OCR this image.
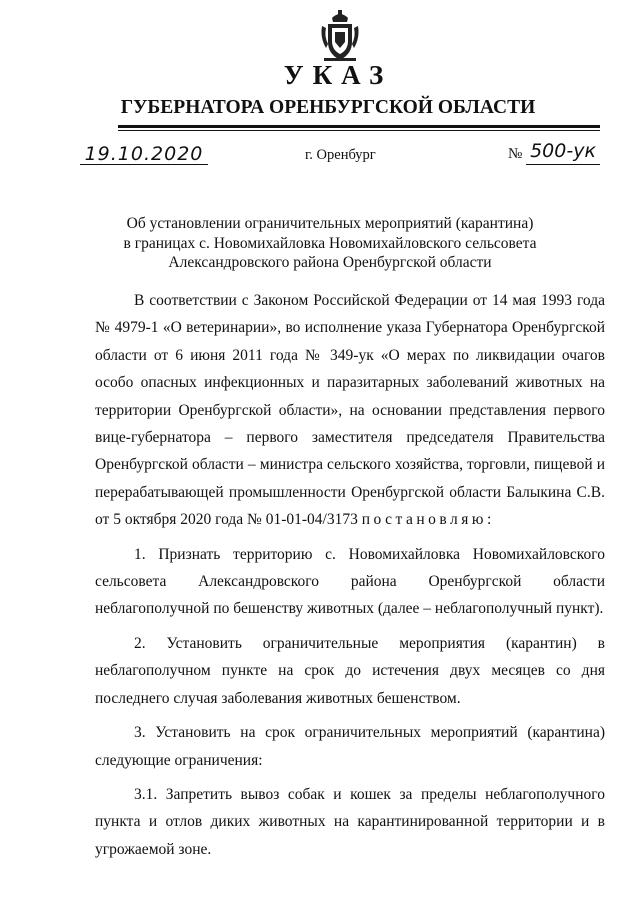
УКАЗ
ГУБЕРНАТОРА ОРЕНБУРГСКОЙ ОБЛАСТИ
19.10.2020	г. Оренбург	№ 500-ук
Об установлении ограничительных мероприятий (карантина)
в границах с. Новомихайловка Новомихайловского сельсовета
Александровского района Оренбургской области

В соответствии с Законом Российской Федерации от 14 мая 1993 года № 4979-1 «О ветеринарии», во исполнение указа Губернатора Оренбургской области от 6 июня 2011 года № 349-ук «О мерах по ликвидации очагов особо опасных инфекционных и паразитарных заболеваний животных на территории Оренбургской области», на основании представления первого вице-губернатора – первого заместителя председателя Правительства Оренбургской области – министра сельского хозяйства, торговли, пищевой и перерабатывающей промышленности Оренбургской области Балыкина С.В. от 5 октября 2020 года № 01-01-04/3173 постановляю:

1. Признать территорию с. Новомихайловка Новомихайловского сельсовета Александровского района Оренбургской области неблагополучной по бешенству животных (далее – неблагополучный пункт).

2. Установить ограничительные мероприятия (карантин) в неблагополучном пункте на срок до истечения двух месяцев со дня последнего случая заболевания животных бешенством.

3. Установить на срок ограничительных мероприятий (карантина) следующие ограничения:

3.1. Запретить вывоз собак и кошек за пределы неблагополучного пункта и отлов диких животных на карантинированной территории и в угрожаемой зоне.
